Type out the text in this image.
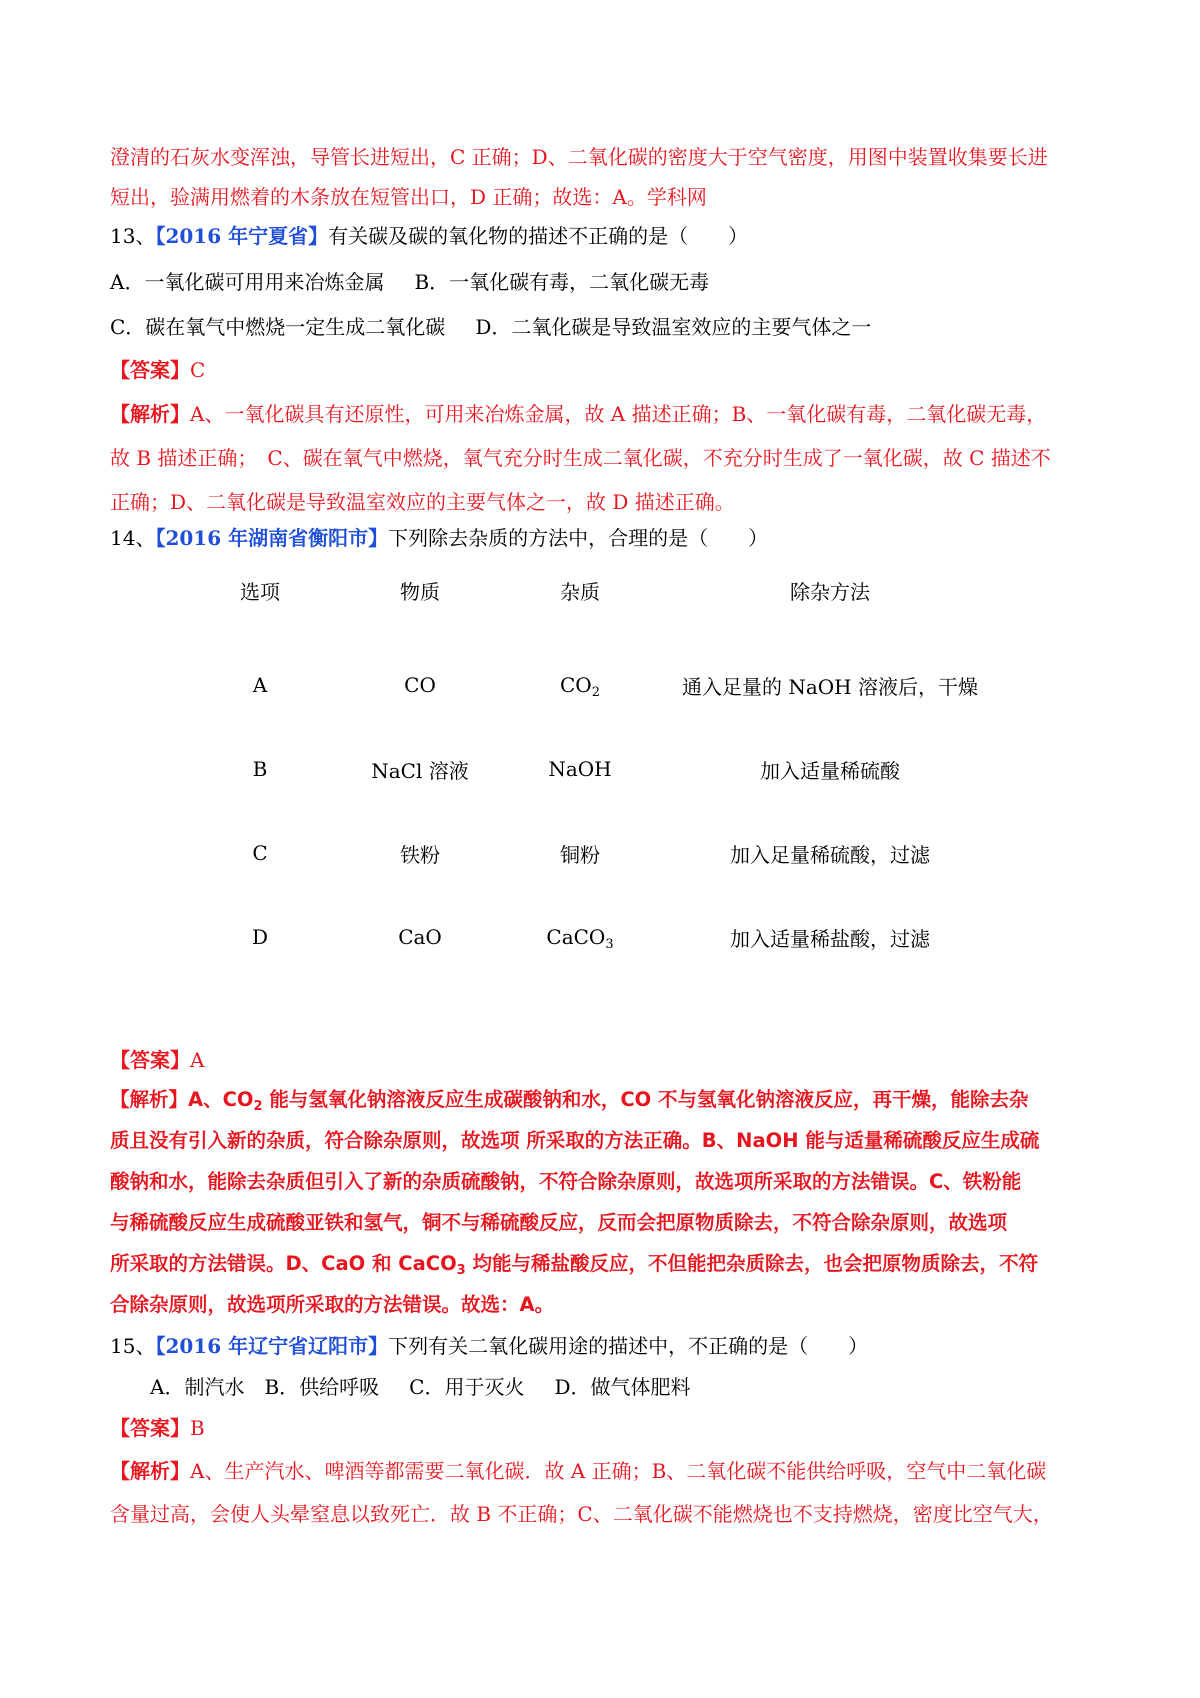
澄清的石灰水变浑浊，导管长进短出，C 正确；D、二氧化碳的密度大于空气密度，用图中装置收集要长进
短出，验满用燃着的木条放在短管出口，D 正确；故选：A。学科网
13、【2016 年宁夏省】有关碳及碳的氧化物的描述不正确的是（　　）
A．一氧化碳可用用来冶炼金属 B．一氧化碳有毒，二氧化碳无毒
C．碳在氧气中燃烧一定生成二氧化碳 D．二氧化碳是导致温室效应的主要气体之一
【答案】C
【解析】A、一氧化碳具有还原性，可用来冶炼金属，故 A 描述正确；B、一氧化碳有毒，二氧化碳无毒，
故 B 描述正确；　C、碳在氧气中燃烧，氧气充分时生成二氧化碳，不充分时生成了一氧化碳，故 C 描述不
正确；D、二氧化碳是导致温室效应的主要气体之一，故 D 描述正确。
14、【2016 年湖南省衡阳市】下列除去杂质的方法中，合理的是（　　）
选项	物质	杂质	除杂方法

A	CO	$CO_2$	通入足量的 NaOH 溶液后，干燥
B	NaCl 溶液	NaOH	加入适量稀硫酸
C	铁粉	铜粉	加入足量稀硫酸，过滤
D	CaO	CaCO$_3$	加入适量稀盐酸，过滤
【答案】A
【解析】A、$CO_2$ 能与氢氧化钠溶液反应生成碳酸钠和水，CO 不与氢氧化钠溶液反应，再干燥，能除去杂
质且没有引入新的杂质，符合除杂原则，故选项 所采取的方法正确。B、NaOH 能与适量稀硫酸反应生成硫
酸钠和水，能除去杂质但引入了新的杂质硫酸钠，不符合除杂原则，故选项所采取的方法错误。C、铁粉能
与稀硫酸反应生成硫酸亚铁和氢气，铜不与稀硫酸反应，反而会把原物质除去，不符合除杂原则，故选项
所采取的方法错误。D、CaO 和 CaCO$_3$ 均能与稀盐酸反应，不但能把杂质除去，也会把原物质除去，不符
合除杂原则，故选项所采取的方法错误。故选：A。
15、【2016 年辽宁省辽阳市】下列有关二氧化碳用途的描述中，不正确的是（　　）
A．制汽水 B．供给呼吸 C．用于灭火 D．做气体肥料
【答案】B
【解析】A、生产汽水、啤酒等都需要二氧化碳．故 A 正确；B、二氧化碳不能供给呼吸，空气中二氧化碳
含量过高，会使人头晕窒息以致死亡．故 B 不正确；C、二氧化碳不能燃烧也不支持燃烧，密度比空气大，
